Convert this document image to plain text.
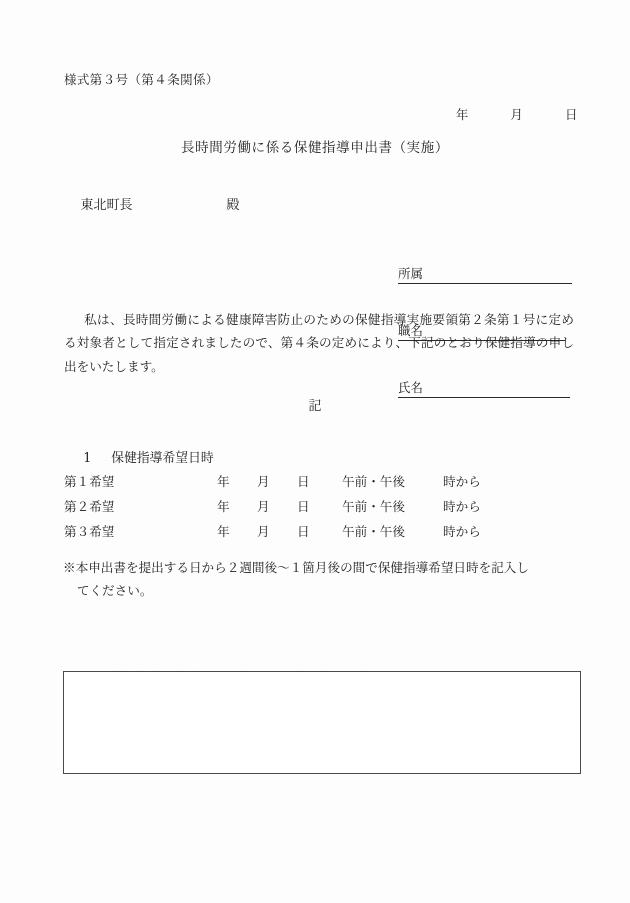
様式第３号（第４条関係）

年	月	日

長時間労働に係る保健指導申出書（実施）

東北町長	殿

所属

職名

氏名

私は、長時間労働による健康障害防止のための保健指導実施要領第２条第１号に定める対象者として指定されましたので、第４条の定めにより、下記のとおり保健指導の申し出をいたします。
記

1 保健指導希望日時

第１希望	年	月	日	午前・午後	時から
第２希望	年	月	日	午前・午後	時から
第３希望	年	月	日	午前・午後	時から
※本申出書を提出する日から２週間後〜１箇月後の間で保健指導希望日時を記入し
てください。
